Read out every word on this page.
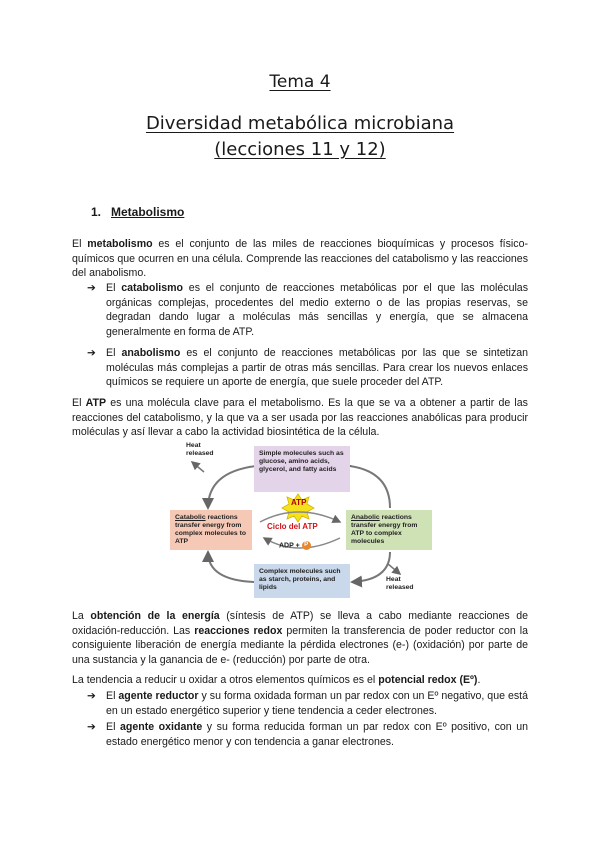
Tema 4
Diversidad metabólica microbiana
(lecciones 11 y 12)
1. Metabolismo
El metabolismo es el conjunto de las miles de reacciones bioquímicas y procesos físico-químicos que ocurren en una célula. Comprende las reacciones del catabolismo y las reacciones del anabolismo.
➔ El catabolismo es el conjunto de reacciones metabólicas por el que las moléculas orgánicas complejas, procedentes del medio externo o de las propias reservas, se degradan dando lugar a moléculas más sencillas y energía, que se almacena generalmente en forma de ATP.
➔ El anabolismo es el conjunto de reacciones metabólicas por las que se sintetizan moléculas más complejas a partir de otras más sencillas. Para crear los nuevos enlaces químicos se requiere un aporte de energía, que suele proceder del ATP.
El ATP es una molécula clave para el metabolismo. Es la que se va a obtener a partir de las reacciones del catabolismo, y la que va a ser usada por las reacciones anabólicas para producir moléculas y así llevar a cabo la actividad biosintética de la célula.
Heat released
Heat released
Simple molecules such as glucose, amino acids, glycerol, and fatty acids
Catabolic reactions transfer energy from complex molecules to ATP
Anabolic reactions transfer energy from ATP to complex molecules
Complex molecules such as starch, proteins, and lipids
ATP
Ciclo del ATP
ADP + P
La obtención de la energía (síntesis de ATP) se lleva a cabo mediante reacciones de oxidación-reducción. Las reacciones redox permiten la transferencia de poder reductor con la consiguiente liberación de energía mediante la pérdida electrones (e-) (oxidación) por parte de una sustancia y la ganancia de e- (reducción) por parte de otra.
La tendencia a reducir u oxidar a otros elementos químicos es el potencial redox (Eº).
➔ El agente reductor y su forma oxidada forman un par redox con un Eº negativo, que está en un estado energético superior y tiene tendencia a ceder electrones.
➔ El agente oxidante y su forma reducida forman un par redox con Eº positivo, con un estado energético menor y con tendencia a ganar electrones.
